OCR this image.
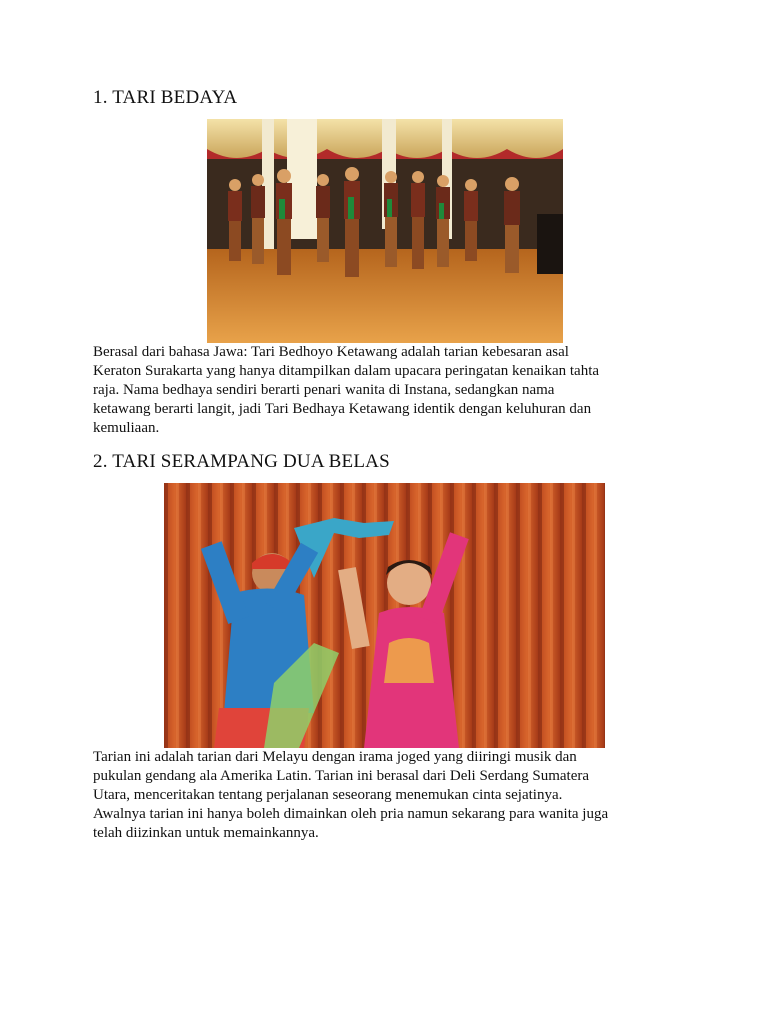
1. TARI BEDAYA

Berasal dari bahasa Jawa: Tari Bedhoyo Ketawang adalah tarian kebesaran asal
Keraton Surakarta yang hanya ditampilkan dalam upacara peringatan kenaikan tahta
raja. Nama bedhaya sendiri berarti penari wanita di Instana, sedangkan nama
ketawang berarti langit, jadi Tari Bedhaya Ketawang identik dengan keluhuran dan
kemuliaan.

2. TARI SERAMPANG DUA BELAS

Tarian ini adalah tarian dari Melayu dengan irama joged yang diiringi musik dan
pukulan gendang ala Amerika Latin. Tarian ini berasal dari Deli Serdang Sumatera
Utara, menceritakan tentang perjalanan seseorang menemukan cinta sejatinya.
Awalnya tarian ini hanya boleh dimainkan oleh pria namun sekarang para wanita juga
telah diizinkan untuk memainkannya.
